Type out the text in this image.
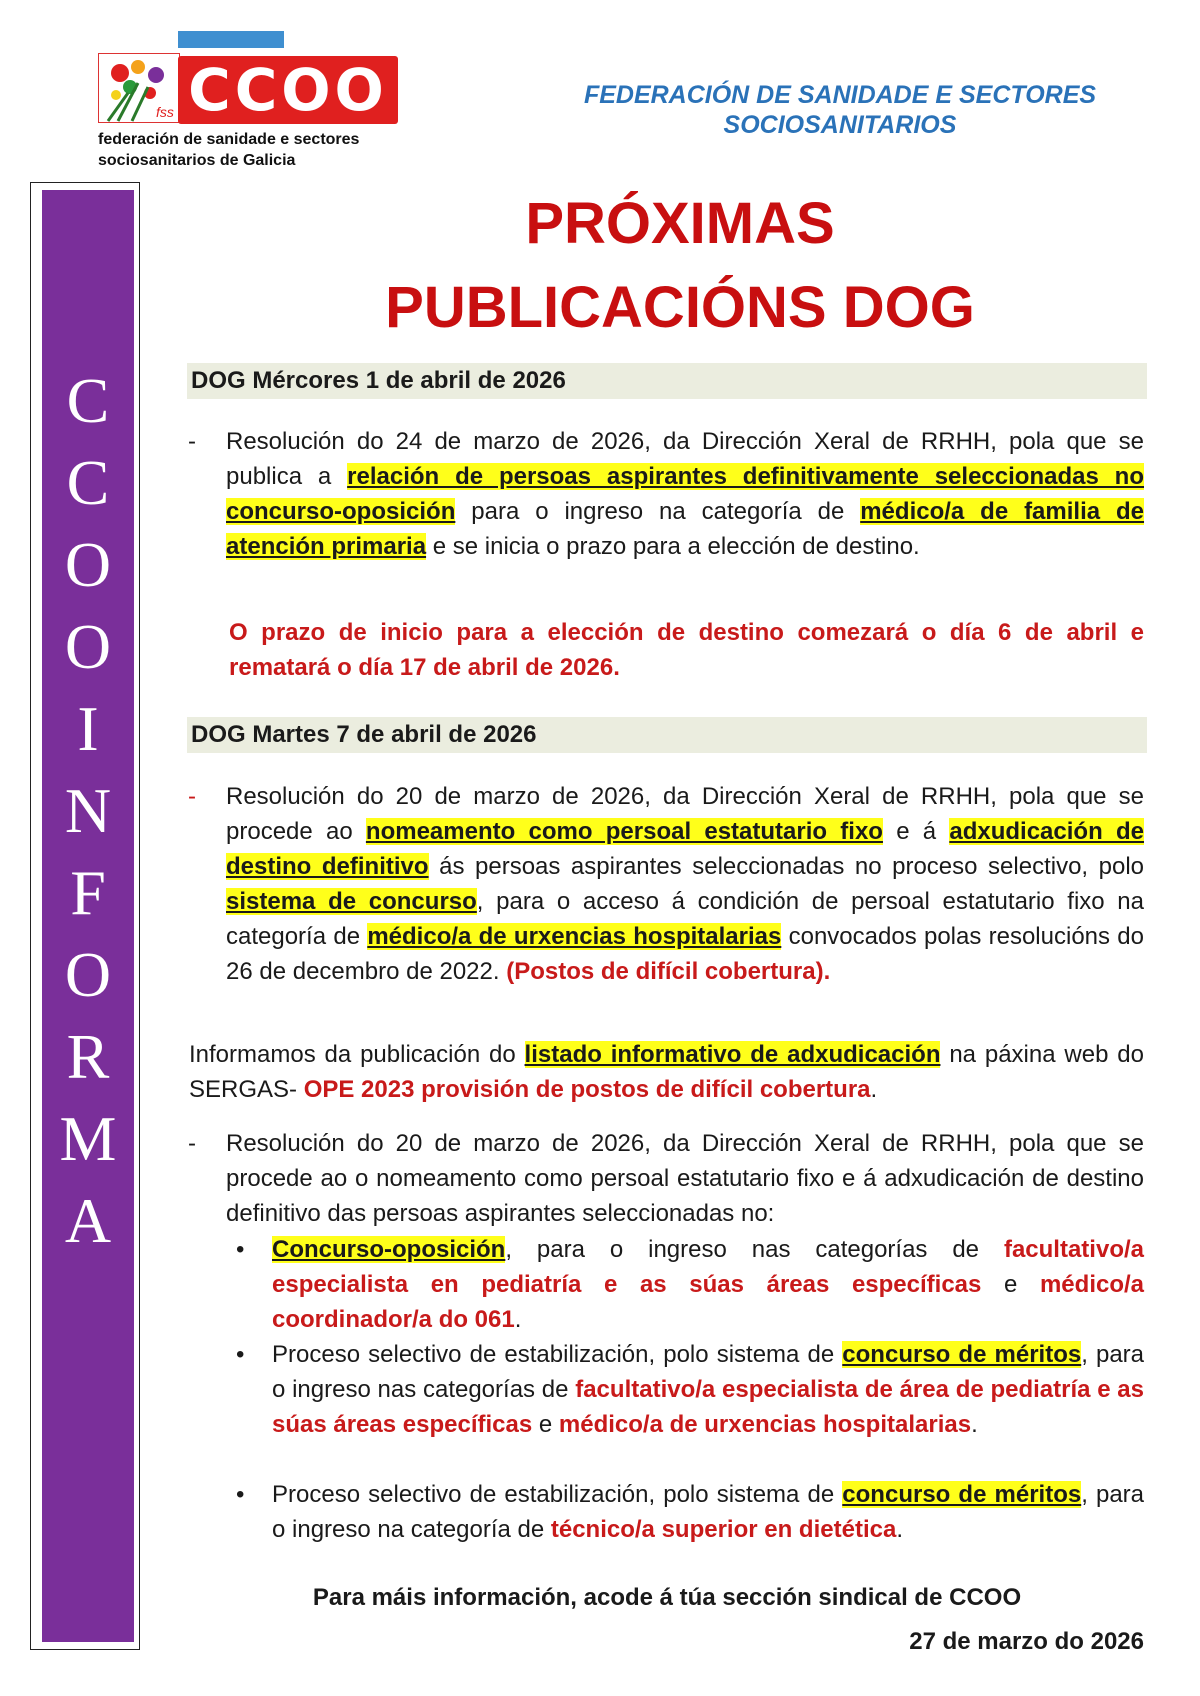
fss CCOO
federación de sanidade e sectores
sociosanitarios de Galicia
FEDERACIÓN DE SANIDADE E SECTORES
SOCIOSANITARIOS
C
C
O
O
I
N
F
O
R
M
A
PRÓXIMAS
PUBLICACIÓNS DOG
DOG Mércores 1 de abril de 2026
- Resolución do 24 de marzo de 2026, da Dirección Xeral de RRHH, pola que se publica a relación de persoas aspirantes definitivamente seleccionadas no concurso-oposición para o ingreso na categoría de médico/a de familia de atención primaria e se inicia o prazo para a elección de destino.
O prazo de inicio para a elección de destino comezará o día 6 de abril e rematará o día 17 de abril de 2026.
DOG Martes 7 de abril de 2026
- Resolución do 20 de marzo de 2026, da Dirección Xeral de RRHH, pola que se procede ao nomeamento como persoal estatutario fixo e á adxudicación de destino definitivo ás persoas aspirantes seleccionadas no proceso selectivo, polo sistema de concurso, para o acceso á condición de persoal estatutario fixo na categoría de médico/a de urxencias hospitalarias convocados polas resolucións do 26 de decembro de 2022. (Postos de difícil cobertura).
Informamos da publicación do listado informativo de adxudicación na páxina web do SERGAS- OPE 2023 provisión de postos de difícil cobertura.
- Resolución do 20 de marzo de 2026, da Dirección Xeral de RRHH, pola que se procede ao o nomeamento como persoal estatutario fixo e á adxudicación de destino definitivo das persoas aspirantes seleccionadas no:
• Concurso-oposición, para o ingreso nas categorías de facultativo/a especialista en pediatría e as súas áreas específicas e médico/a coordinador/a do 061.
• Proceso selectivo de estabilización, polo sistema de concurso de méritos, para o ingreso nas categorías de facultativo/a especialista de área de pediatría e as súas áreas específicas e médico/a de urxencias hospitalarias.
• Proceso selectivo de estabilización, polo sistema de concurso de méritos, para o ingreso na categoría de técnico/a superior en dietética.
Para máis información, acode á túa sección sindical de CCOO
27 de marzo do 2026
